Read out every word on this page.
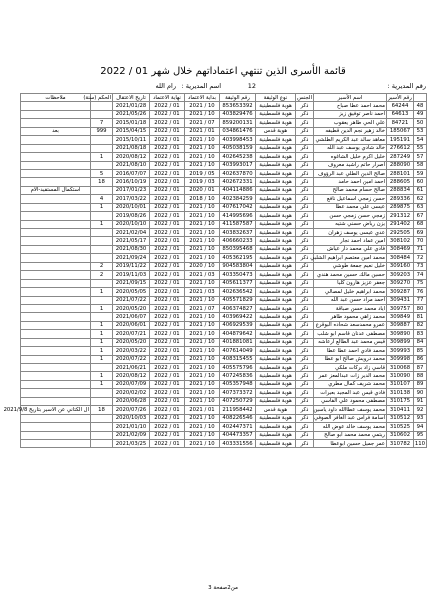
قائمة الأسرى الذين تنتهي اعتماداتهم خلال شهر 01 / 2022
رقم المديرية :
12
اسم المديرية :
رام الله
	رقم الأسير	اسم الأسير	الجنس	نوع الوثيقة	رقم الوثيقة	بداية الاعتماد	نهاية الاعتماد	تاريخ الاعتقال	الحكم (سنة)	ملاحظات
48	64244	محمد احمد عطا صباح	ذكر	هوية فلسطينية	853653392	10 / 2021	01 / 2022	2021/01/28		
49	64613	احمد ناصر توفيق زيز	ذكر	هوية فلسطينية	403829476	10 / 2021	01 / 2022	2021/05/26		
50	84721	علي الحي طاهر يعقوب	ذكر	هوية فلسطينية	859200131	07 / 2021	01 / 2022	2015/01/18	7	
53	185067	خالد زهير نجم الدين قطيفه	ذكر	هوية قدس	034861476	01 / 2021	01 / 2022	2015/04/15	999	بعد
54	195191	معاهد سالد عبد الكريم الطلشي	ذكر	هوية فلسطينية	403998453	10 / 2021	01 / 2022	2015/10/11		
55	276612	خالد شادي يوسف عبد الله	ذكر	هوية فلسطينية	405038159	10 / 2021	01 / 2022	2021/08/18		
57	287249	خليل اكرم خليل الشاغوه	ذكر	هوية فلسطينية	402645238	10 / 2021	01 / 2022	2020/08/12	1	
58	288090	اصرار حاتم راشيد معروف	ذكر	هوية فلسطينية	403993017	10 / 2021	01 / 2022	2021/08/10		
59	288101	صالح الدين الطلي عبد الرؤوف	ذكر	هوية فلسطينية	402637870	05 / 2019	01 / 2022	2016/07/07	5	
60	288605	احمد امين احمد حامد	ذكر	هوية فلسطينية	402672331	03 / 2019	01 / 2022	2016/10/19	18	
61	288834	صالح حسام محمد صالح	ذكر	هوية فلسطينية	404114886	01 / 2020	01 / 2022	2017/01/23		استكمال المستفيد-الام
62	289336	حسن زمجي اسماعيل نافع	ذكر	هوية فلسطينية	402384259	10 / 2018	01 / 2022	2017/03/22	4	
63	289875	عيسى علي محمد عطا	ذكر	هوية فلسطينية	407617042	10 / 2021	01 / 2022	2020/10/01	1	
67	291312	زمجي حسن زمجي حسن	ذكر	هوية فلسطينية	414995696	10 / 2021	01 / 2022	2019/08/26		
68	291402	يزن رياض حسني شتيه	ذكر	هوية فلسطينية	411587587	10 / 2021	01 / 2022	2020/10/10	1	
69	292505	عدي عيسى يوسف زهران	ذكر	هوية فلسطينية	403832637	10 / 2021	01 / 2022	2021/02/04		
70	308102	امين عماد احمد نجار	ذكر	هوية فلسطينية	406660233	10 / 2021	01 / 2022	2021/05/17		
71	308469	فادي علي محمد دار عياش	ذكر	هوية فلسطينية	850395468	10 / 2021	01 / 2022	2021/08/30		
72	308484	محمد امين معتصم ابراهيم الشلبي	ذكر	هوية فلسطينية	405362195	10 / 2021	01 / 2022	2021/09/24		
73	309160	خليل نعيم جمعة طوشي	ذكر	هوية فلسطينية	904583804	10 / 2020	01 / 2022	2019/11/22	2	
74	309203	حسين مالك حسين محمد هندي	ذكر	هوية فلسطينية	403350473	03 / 2021	01 / 2022	2019/11/03	2	
75	309270	جعفر عزيز هارون كليا	ذكر	هوية فلسطينية	405611377	10 / 2021	01 / 2022	2021/09/15		
76	309287	محمد ابراهيم خليل لمصالي	ذكر	هوية فلسطينية	402636542	03 / 2021	01 / 2022	2020/05/05	1	
77	309431	احمد مراد حسن عبد الله	ذكر	هوية فلسطينية	405571829	10 / 2021	01 / 2022	2021/07/22		
80	309757	اياد محمد حسن صباقة	ذكر	هوية فلسطينية	406374827	07 / 2021	01 / 2022	2020/05/20	1	
81	309849	محمد زاهي محمود طاهر	ذكر	هوية فلسطينية	403969422	10 / 2021	01 / 2022	2021/06/07		
82	309887	عمرو محمدسعد شحاده البوقرع	ذكر	هوية فلسطينية	406929539	10 / 2021	01 / 2022	2020/06/01	1	
83	309890	مصطفى عدنان قاسم ابو شلب	ذكر	هوية فلسطينية	404879642	10 / 2021	01 / 2022	2020/07/21	1	
84	309899	قيس محمد عبد الطالع ارعاشه	ذكر	هوية فلسطينية	401881081	10 / 2021	01 / 2022	2020/05/20	1	
85	309993	محمد فادي احمد عطا عطا	ذكر	هوية فلسطينية	407614049	10 / 2021	01 / 2022	2020/03/22	1	
86	309998	محمد درويش صالح ابو عطا	ذكر	هوية فلسطينية	408315455	10 / 2021	01 / 2022	2020/07/22	1	
87	310068	قاسي زاد بركات ملكي	ذكر	هوية فلسطينية	405575796	10 / 2021	01 / 2022	2021/06/21		
88	310090	محمد الدير زات عبدالمعز عمر	ذكر	هوية فلسطينية	407245836	10 / 2021	01 / 2022	2020/08/12	1	
89	310107	محمد شريف كمال مطري	ذكر	هوية فلسطينية	405357948	10 / 2021	01 / 2022	2020/07/09	1	
90	310138	فادي قيس عبد المجيد بعيرات	ذكر	هوية فلسطينية	407373372	10 / 2021	01 / 2022	2020/02/02		
91	310175	مصطفى محمود علي الفاسي	ذكر	هوية فلسطينية	407250729	10 / 2021	01 / 2022	2020/06/28		
92	310411	محمد يوسف عطاالله داود ياسين	ذكر	هوية قدس	211958442	01 / 2021	01 / 2022	2020/07/26	18	ال الكتاني عن الاسير بتاريخ 2021/9/8
93	310512	اسامة فراس عبد الغافر الصوفي	ذكر	هوية فلسطينية	408226546	10 / 2021	01 / 2022	2020/10/03		
94	310525	محمد يوسف خالد عوض الله	ذكر	هوية فلسطينية	402447371	10 / 2021	01 / 2022	2021/01/10		
95	310602	ريتمي محمد محمد ابو صالح	ذكر	هوية فلسطينية	404473357	10 / 2021	01 / 2022	2021/02/09		
110	310782	عمر جميل حسين ابوعطا	ذكر	هوية فلسطينية	403331556	10 / 2021	01 / 2022	2021/03/25		
3 من2صفحة
